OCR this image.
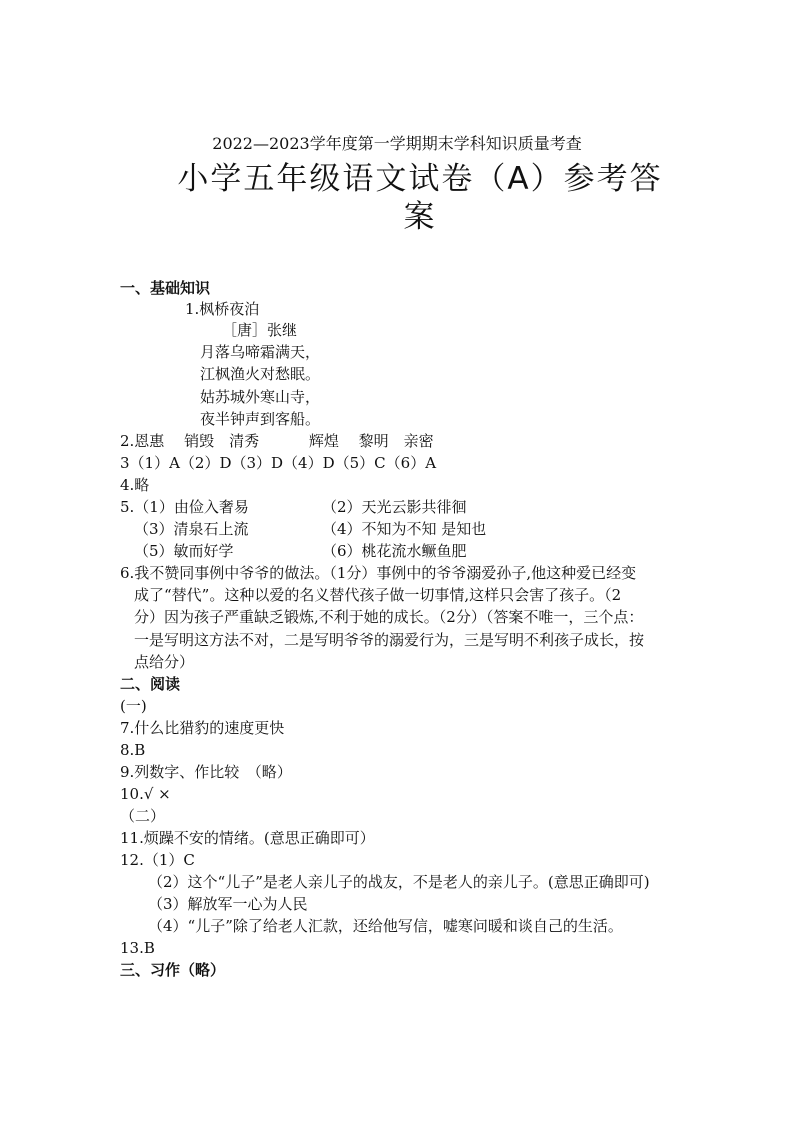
2022—2023学年度第一学期期末学科知识质量考查
小学五年级语文试卷（A）参考答
案
一、基础知识
1.枫桥夜泊
［唐］张继
月落乌啼霜满天，
江枫渔火对愁眠。
姑苏城外寒山寺，
夜半钟声到客船。
2.恩惠　 销毁　清秀　　　 辉煌　 黎明　亲密
3（1）A（2）D（3）D（4）D（5）C（6）A
4.略
5.（1）由俭入奢易	（2）天光云影共徘徊
（3）清泉石上流	（4）不知为不知 是知也
（5）敏而好学	（6）桃花流水鳜鱼肥
6.我不赞同事例中爷爷的做法。（1分）事例中的爷爷溺爱孙子,他这种爱已经变
成了“替代”。这种以爱的名义替代孩子做一切事情,这样只会害了孩子。（2
分）因为孩子严重缺乏锻炼,不利于她的成长。（2分）（答案不唯一，三个点：
一是写明这方法不对，二是写明爷爷的溺爱行为，三是写明不利孩子成长，按
点给分）
二、阅读
(一)
7.什么比猎豹的速度更快
8.B
9.列数字、作比较　（略）
10.√ ×
（二）
11.烦躁不安的情绪。(意思正确即可）
12.（1）C
（2）这个“儿子”是老人亲儿子的战友，不是老人的亲儿子。(意思正确即可)
（3）解放军一心为人民
（4）“儿子”除了给老人汇款，还给他写信，嘘寒问暖和谈自己的生活。
13.B
三、习作（略）
